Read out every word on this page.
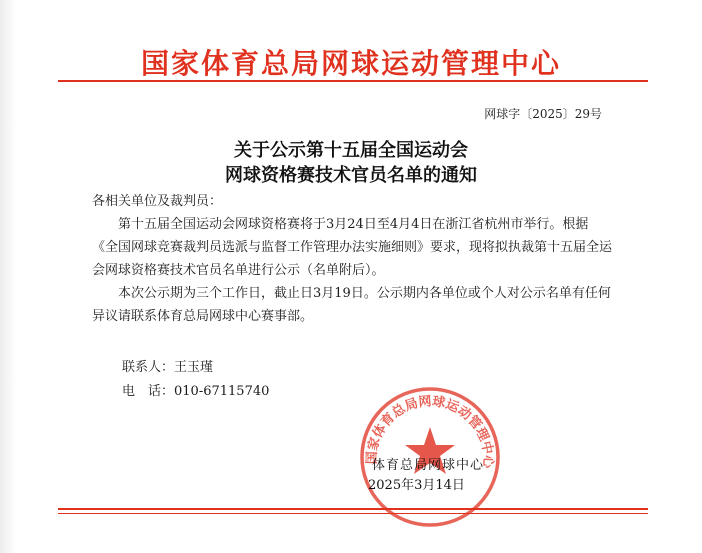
国家体育总局网球运动管理中心
网球字〔2025〕29号
关于公示第十五届全国运动会
网球资格赛技术官员名单的通知

各相关单位及裁判员：

第十五届全国运动会网球资格赛将于3月24日至4月4日在浙江省杭州市举行。根据《全国网球竞赛裁判员选派与监督工作管理办法实施细则》要求，现将拟执裁第十五届全运会网球资格赛技术官员名单进行公示（名单附后）。

本次公示期为三个工作日，截止日3月19日。公示期内各单位或个人对公示名单有任何异议请联系体育总局网球中心赛事部。

联系人：王玉瑾
电　话：010-67115740
国家体育总局网球运动管理中心
体育总局网球中心
2025年3月14日
